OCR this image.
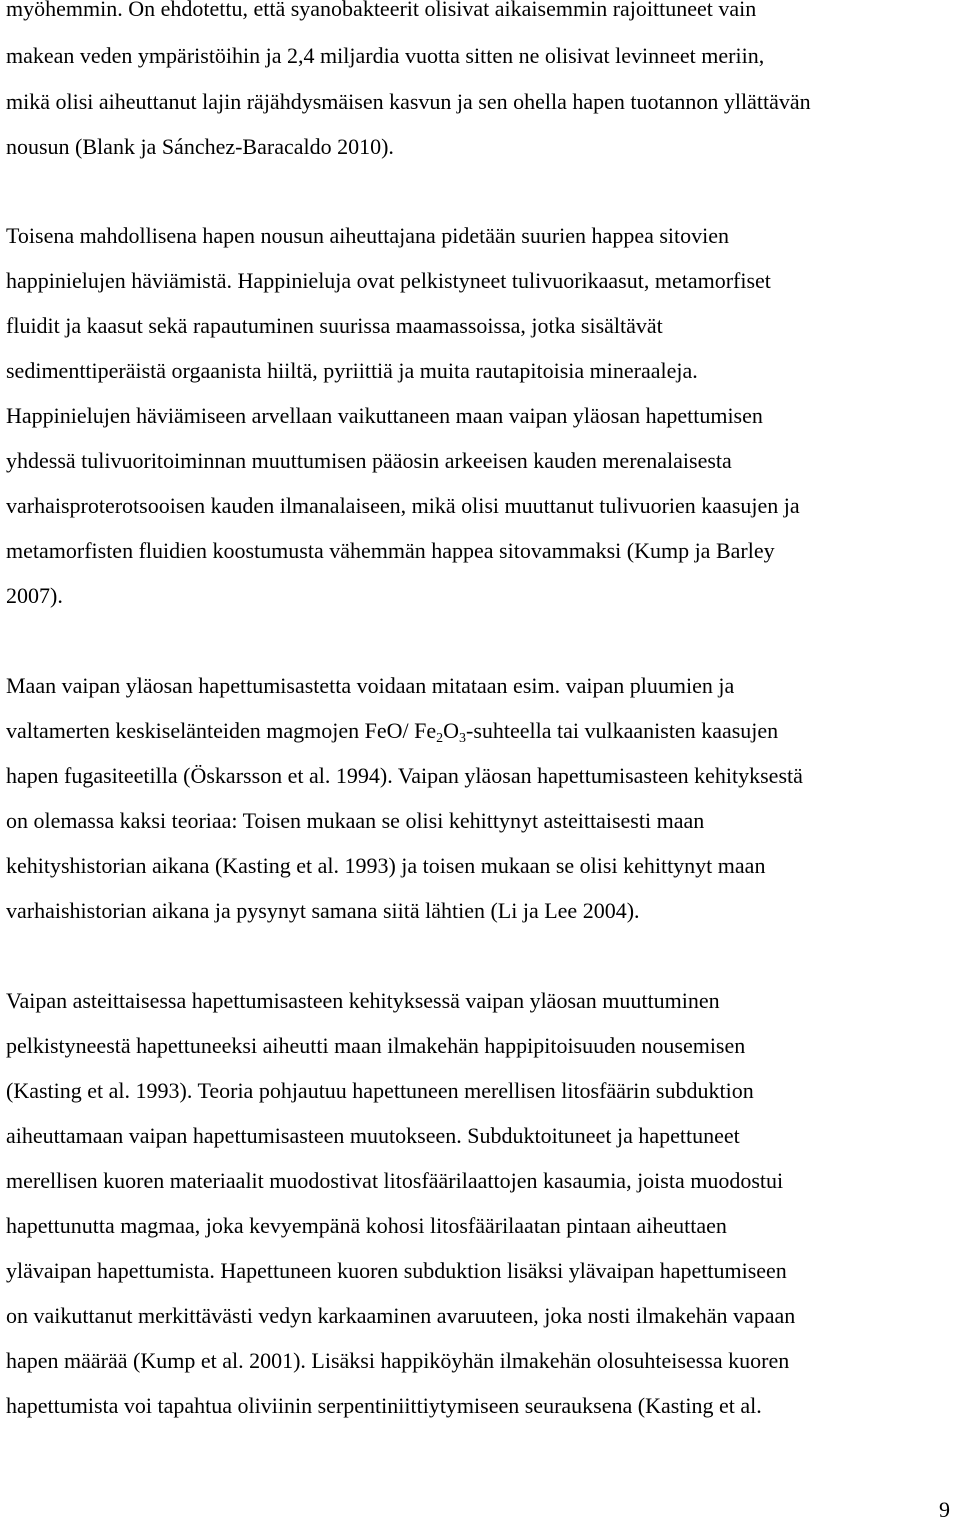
myöhemmin. On ehdotettu, että syanobakteerit olisivat aikaisemmin rajoittuneet vain
makean veden ympäristöihin ja 2,4 miljardia vuotta sitten ne olisivat levinneet meriin,
mikä olisi aiheuttanut lajin räjähdysmäisen kasvun ja sen ohella hapen tuotannon yllättävän
nousun (Blank ja Sánchez-Baracaldo 2010).
Toisena mahdollisena hapen nousun aiheuttajana pidetään suurien happea sitovien
happinielujen häviämistä. Happinieluja ovat pelkistyneet tulivuorikaasut, metamorfiset
fluidit ja kaasut sekä rapautuminen suurissa maamassoissa, jotka sisältävät
sedimenttiperäistä orgaanista hiiltä, pyriittiä ja muita rautapitoisia mineraaleja.
Happinielujen häviämiseen arvellaan vaikuttaneen maan vaipan yläosan hapettumisen
yhdessä tulivuoritoiminnan muuttumisen pääosin arkeeisen kauden merenalaisesta
varhaisproterotsooisen kauden ilmanalaiseen, mikä olisi muuttanut tulivuorien kaasujen ja
metamorfisten fluidien koostumusta vähemmän happea sitovammaksi (Kump ja Barley
2007).
Maan vaipan yläosan hapettumisastetta voidaan mitataan esim. vaipan pluumien ja
valtamerten keskiselänteiden magmojen FeO/ $Fe_2O_3$-suhteella tai vulkaanisten kaasujen
hapen fugasiteetilla (Öskarsson et al. 1994). Vaipan yläosan hapettumisasteen kehityksestä
on olemassa kaksi teoriaa: Toisen mukaan se olisi kehittynyt asteittaisesti maan
kehityshistorian aikana (Kasting et al. 1993) ja toisen mukaan se olisi kehittynyt maan
varhaishistorian aikana ja pysynyt samana siitä lähtien (Li ja Lee 2004).
Vaipan asteittaisessa hapettumisasteen kehityksessä vaipan yläosan muuttuminen
pelkistyneestä hapettuneeksi aiheutti maan ilmakehän happipitoisuuden nousemisen
(Kasting et al. 1993). Teoria pohjautuu hapettuneen merellisen litosfäärin subduktion
aiheuttamaan vaipan hapettumisasteen muutokseen. Subduktoituneet ja hapettuneet
merellisen kuoren materiaalit muodostivat litosfäärilaattojen kasaumia, joista muodostui
hapettunutta magmaa, joka kevyempänä kohosi litosfäärilaatan pintaan aiheuttaen
ylävaipan hapettumista. Hapettuneen kuoren subduktion lisäksi ylävaipan hapettumiseen
on vaikuttanut merkittävästi vedyn karkaaminen avaruuteen, joka nosti ilmakehän vapaan
hapen määrää (Kump et al. 2001). Lisäksi happiköyhän ilmakehän olosuhteisessa kuoren
hapettumista voi tapahtua oliviinin serpentiniittiytymiseen seurauksena (Kasting et al.
9
